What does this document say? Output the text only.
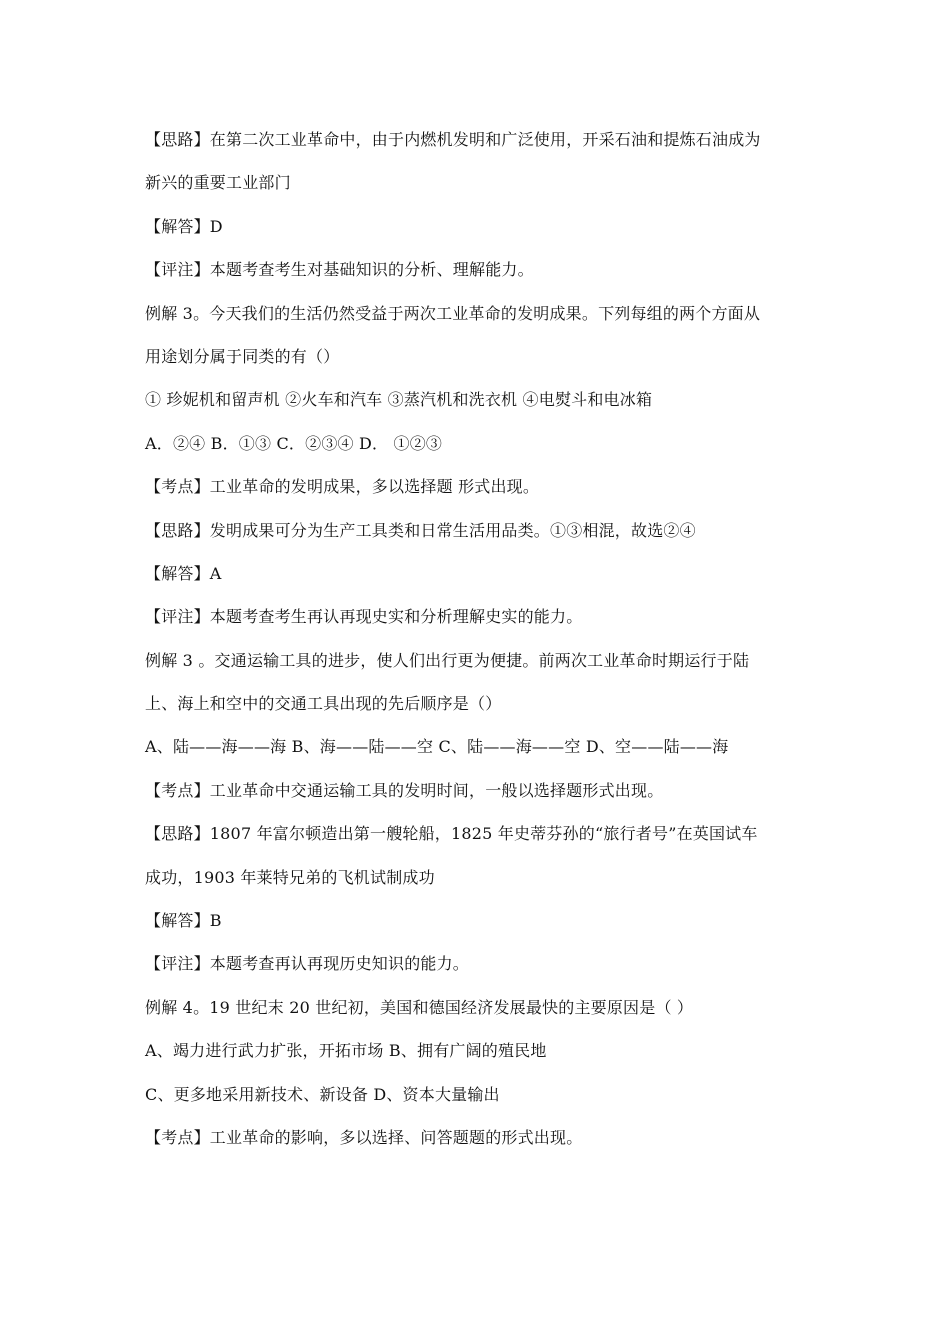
【思路】在第二次工业革命中，由于内燃机发明和广泛使用，开采石油和提炼石油成为
新兴的重要工业部门
【解答】D
【评注】本题考查考生对基础知识的分析、理解能力。
例解 3。今天我们的生活仍然受益于两次工业革命的发明成果。下列每组的两个方面从
用途划分属于同类的有（）
① 珍妮机和留声机 ②火车和汽车 ③蒸汽机和洗衣机 ④电熨斗和电冰箱
A．②④ B．①③ C．②③④ D． ①②③
【考点】工业革命的发明成果，多以选择题 形式出现。
【思路】发明成果可分为生产工具类和日常生活用品类。①③相混，故选②④
【解答】A
【评注】本题考查考生再认再现史实和分析理解史实的能力。
例解 3 。交通运输工具的进步，使人们出行更为便捷。前两次工业革命时期运行于陆
上、海上和空中的交通工具出现的先后顺序是（）
A、陆——海——海 B、海——陆——空 C、陆——海——空 D、空——陆——海
【考点】工业革命中交通运输工具的发明时间，一般以选择题形式出现。
【思路】1807 年富尔顿造出第一艘轮船，1825 年史蒂芬孙的“旅行者号”在英国试车
成功，1903 年莱特兄弟的飞机试制成功
【解答】B
【评注】本题考查再认再现历史知识的能力。
例解 4。19 世纪末 20 世纪初，美国和德国经济发展最快的主要原因是（ ）
A、竭力进行武力扩张，开拓市场 B、拥有广阔的殖民地
C、更多地采用新技术、新设备 D、资本大量输出
【考点】工业革命的影响，多以选择、问答题题的形式出现。
